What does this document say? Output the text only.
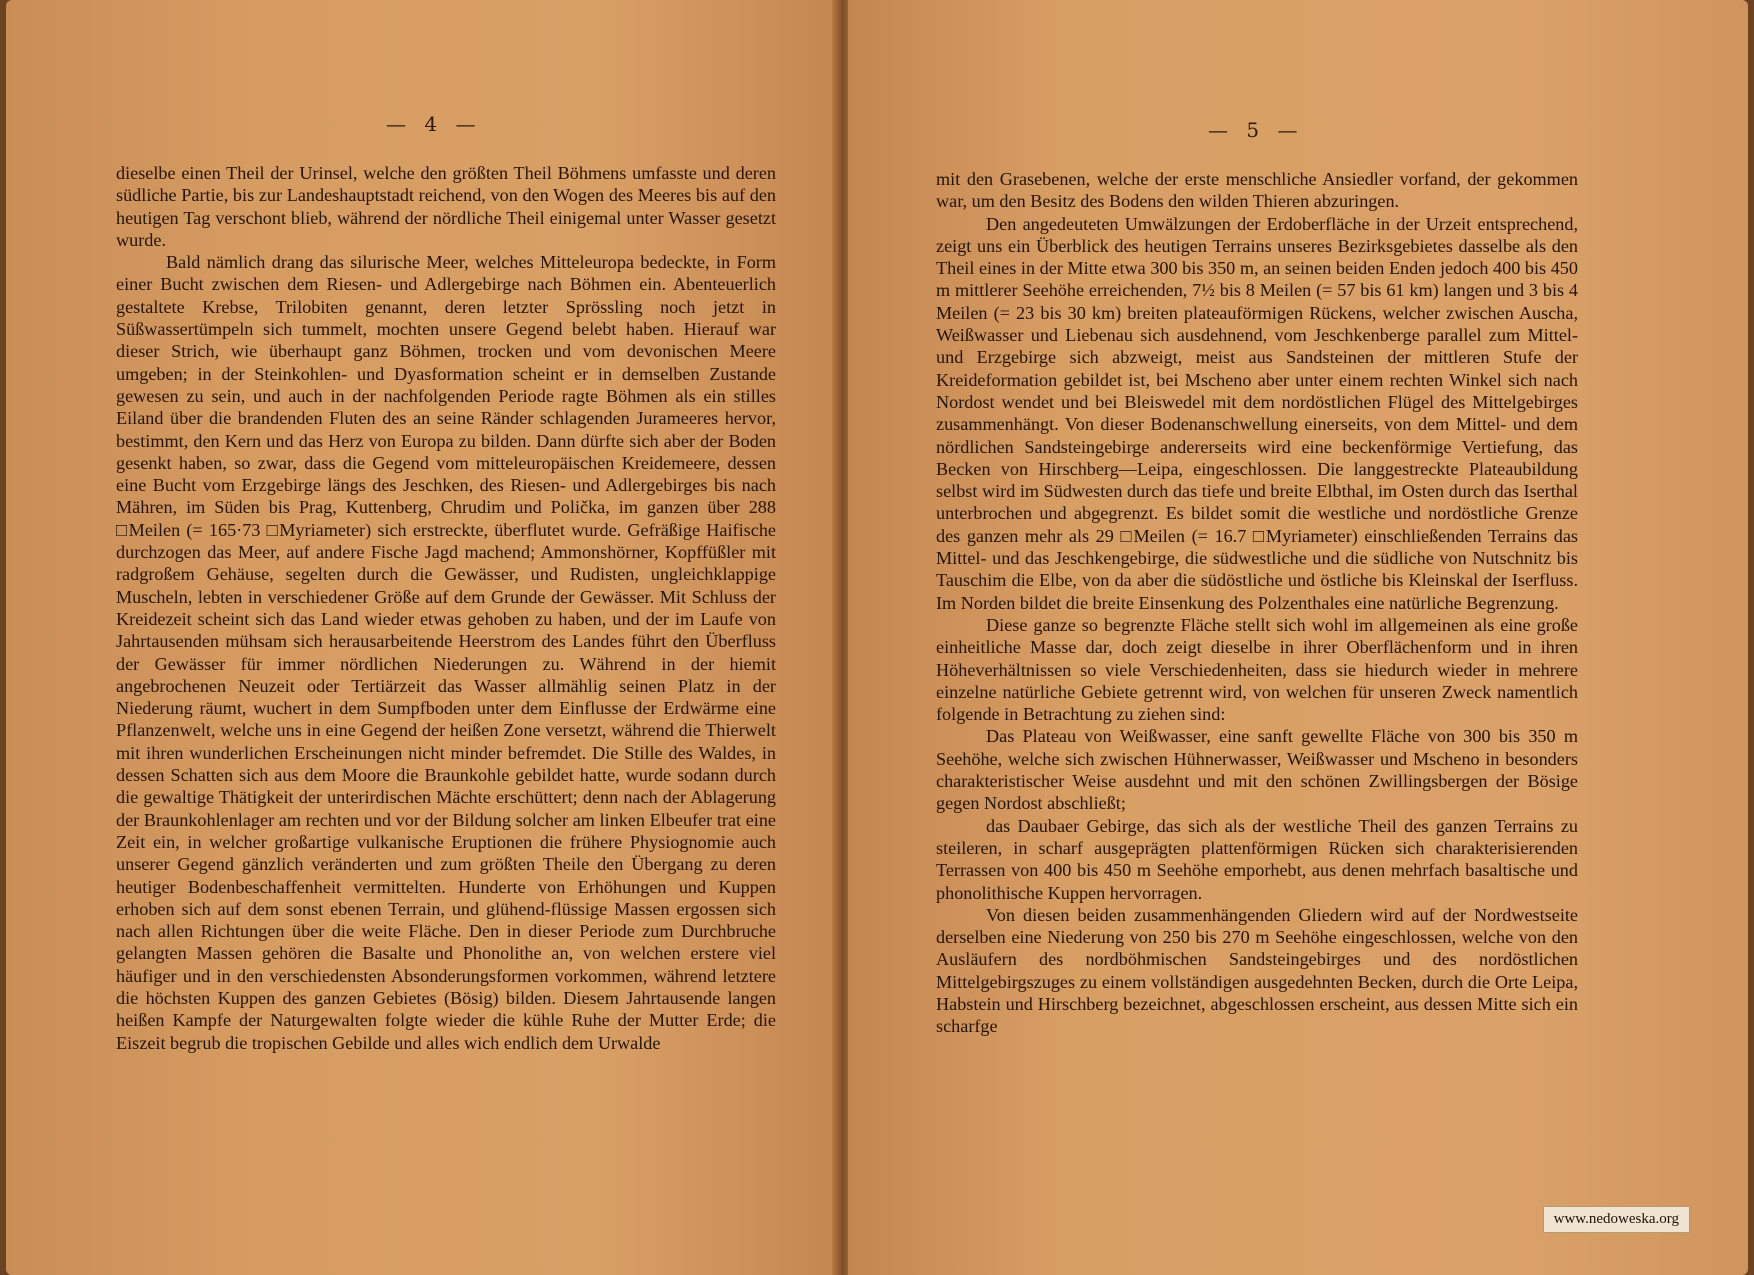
— 4 —

dieselbe einen Theil der Urinsel, welche den größten Theil Böhmens umfasste und deren südliche Partie, bis zur Landeshauptstadt reichend, von den Wogen des Meeres bis auf den heutigen Tag verschont blieb, während der nördliche Theil einigemal unter Wasser gesetzt wurde.

Bald nämlich drang das silurische Meer, welches Mitteleuropa bedeckte, in Form einer Bucht zwischen dem Riesen- und Adlergebirge nach Böhmen ein. Abenteuerlich gestaltete Krebse, Trilobiten genannt, deren letzter Sprössling noch jetzt in Süßwassertümpeln sich tummelt, mochten unsere Gegend belebt haben. Hierauf war dieser Strich, wie überhaupt ganz Böhmen, trocken und vom devonischen Meere umgeben; in der Steinkohlen- und Dyasformation scheint er in demselben Zustande gewesen zu sein, und auch in der nachfolgenden Periode ragte Böhmen als ein stilles Eiland über die brandenden Fluten des an seine Ränder schlagenden Jurameeres hervor, bestimmt, den Kern und das Herz von Europa zu bilden. Dann dürfte sich aber der Boden gesenkt haben, so zwar, dass die Gegend vom mitteleuropäischen Kreidemeere, dessen eine Bucht vom Erzgebirge längs des Jeschken, des Riesen- und Adlergebirges bis nach Mähren, im Süden bis Prag, Kuttenberg, Chrudim und Polička, im ganzen über 288 □Meilen (= 165·73 □Myriameter) sich erstreckte, überflutet wurde. Gefräßige Haifische durchzogen das Meer, auf andere Fische Jagd machend; Ammonshörner, Kopffüßler mit radgroßem Gehäuse, segelten durch die Gewässer, und Rudisten, ungleichklappige Muscheln, lebten in verschiedener Größe auf dem Grunde der Gewässer. Mit Schluss der Kreidezeit scheint sich das Land wieder etwas gehoben zu haben, und der im Laufe von Jahrtausenden mühsam sich herausarbeitende Heerstrom des Landes führt den Überfluss der Gewässer für immer nördlichen Niederungen zu. Während in der hiemit angebrochenen Neuzeit oder Tertiärzeit das Wasser allmählig seinen Platz in der Niederung räumt, wuchert in dem Sumpfboden unter dem Einflusse der Erdwärme eine Pflanzenwelt, welche uns in eine Gegend der heißen Zone versetzt, während die Thierwelt mit ihren wunderlichen Erscheinungen nicht minder befremdet. Die Stille des Waldes, in dessen Schatten sich aus dem Moore die Braunkohle gebildet hatte, wurde sodann durch die gewaltige Thätigkeit der unterirdischen Mächte erschüttert; denn nach der Ablagerung der Braunkohlenlager am rechten und vor der Bildung solcher am linken Elbeufer trat eine Zeit ein, in welcher großartige vulkanische Eruptionen die frühere Physiognomie auch unserer Gegend gänzlich veränderten und zum größten Theile den Übergang zu deren heutiger Bodenbeschaffenheit vermittelten. Hunderte von Erhöhungen und Kuppen erhoben sich auf dem sonst ebenen Terrain, und glühend-flüssige Massen ergossen sich nach allen Richtungen über die weite Fläche. Den in dieser Periode zum Durchbruche gelangten Massen gehören die Basalte und Phonolithe an, von welchen erstere viel häufiger und in den verschiedensten Absonderungsformen vorkommen, während letztere die höchsten Kuppen des ganzen Gebietes (Bösig) bilden. Diesem Jahrtausende langen heißen Kampfe der Naturgewalten folgte wieder die kühle Ruhe der Mutter Erde; die Eiszeit begrub die tropischen Gebilde und alles wich endlich dem Urwalde

— 5 —

mit den Grasebenen, welche der erste menschliche Ansiedler vorfand, der gekommen war, um den Besitz des Bodens den wilden Thieren abzuringen.

Den angedeuteten Umwälzungen der Erdoberfläche in der Urzeit entsprechend, zeigt uns ein Überblick des heutigen Terrains unseres Bezirksgebietes dasselbe als den Theil eines in der Mitte etwa 300 bis 350 m, an seinen beiden Enden jedoch 400 bis 450 m mittlerer Seehöhe erreichenden, 7½ bis 8 Meilen (= 57 bis 61 km) langen und 3 bis 4 Meilen (= 23 bis 30 km) breiten plateauförmigen Rückens, welcher zwischen Auscha, Weißwasser und Liebenau sich ausdehnend, vom Jeschkenberge parallel zum Mittel- und Erzgebirge sich abzweigt, meist aus Sandsteinen der mittleren Stufe der Kreideformation gebildet ist, bei Mscheno aber unter einem rechten Winkel sich nach Nordost wendet und bei Bleiswedel mit dem nordöstlichen Flügel des Mittelgebirges zusammenhängt. Von dieser Bodenanschwellung einerseits, von dem Mittel- und dem nördlichen Sandsteingebirge andererseits wird eine beckenförmige Vertiefung, das Becken von Hirschberg—Leipa, eingeschlossen. Die langgestreckte Plateaubildung selbst wird im Südwesten durch das tiefe und breite Elbthal, im Osten durch das Iserthal unterbrochen und abgegrenzt. Es bildet somit die westliche und nordöstliche Grenze des ganzen mehr als 29 □Meilen (= 16.7 □Myriameter) einschließenden Terrains das Mittel- und das Jeschkengebirge, die südwestliche und die südliche von Nutschnitz bis Tauschim die Elbe, von da aber die südöstliche und östliche bis Kleinskal der Iserfluss. Im Norden bildet die breite Einsenkung des Polzenthales eine natürliche Begrenzung.

Diese ganze so begrenzte Fläche stellt sich wohl im allgemeinen als eine große einheitliche Masse dar, doch zeigt dieselbe in ihrer Oberflächenform und in ihren Höheverhältnissen so viele Verschiedenheiten, dass sie hiedurch wieder in mehrere einzelne natürliche Gebiete getrennt wird, von welchen für unseren Zweck namentlich folgende in Betrachtung zu ziehen sind:

Das Plateau von Weißwasser, eine sanft gewellte Fläche von 300 bis 350 m Seehöhe, welche sich zwischen Hühnerwasser, Weißwasser und Mscheno in besonders charakteristischer Weise ausdehnt und mit den schönen Zwillingsbergen der Bösige gegen Nordost abschließt;

das Daubaer Gebirge, das sich als der westliche Theil des ganzen Terrains zu steileren, in scharf ausgeprägten plattenförmigen Rücken sich charakterisierenden Terrassen von 400 bis 450 m Seehöhe emporhebt, aus denen mehrfach basaltische und phonolithische Kuppen hervorragen.

Von diesen beiden zusammenhängenden Gliedern wird auf der Nordwestseite derselben eine Niederung von 250 bis 270 m Seehöhe eingeschlossen, welche von den Ausläufern des nordböhmischen Sandsteingebirges und des nordöstlichen Mittelgebirgszuges zu einem vollständigen ausgedehnten Becken, durch die Orte Leipa, Habstein und Hirschberg bezeichnet, abgeschlossen erscheint, aus dessen Mitte sich ein scharfge

www.nedoweska.org
